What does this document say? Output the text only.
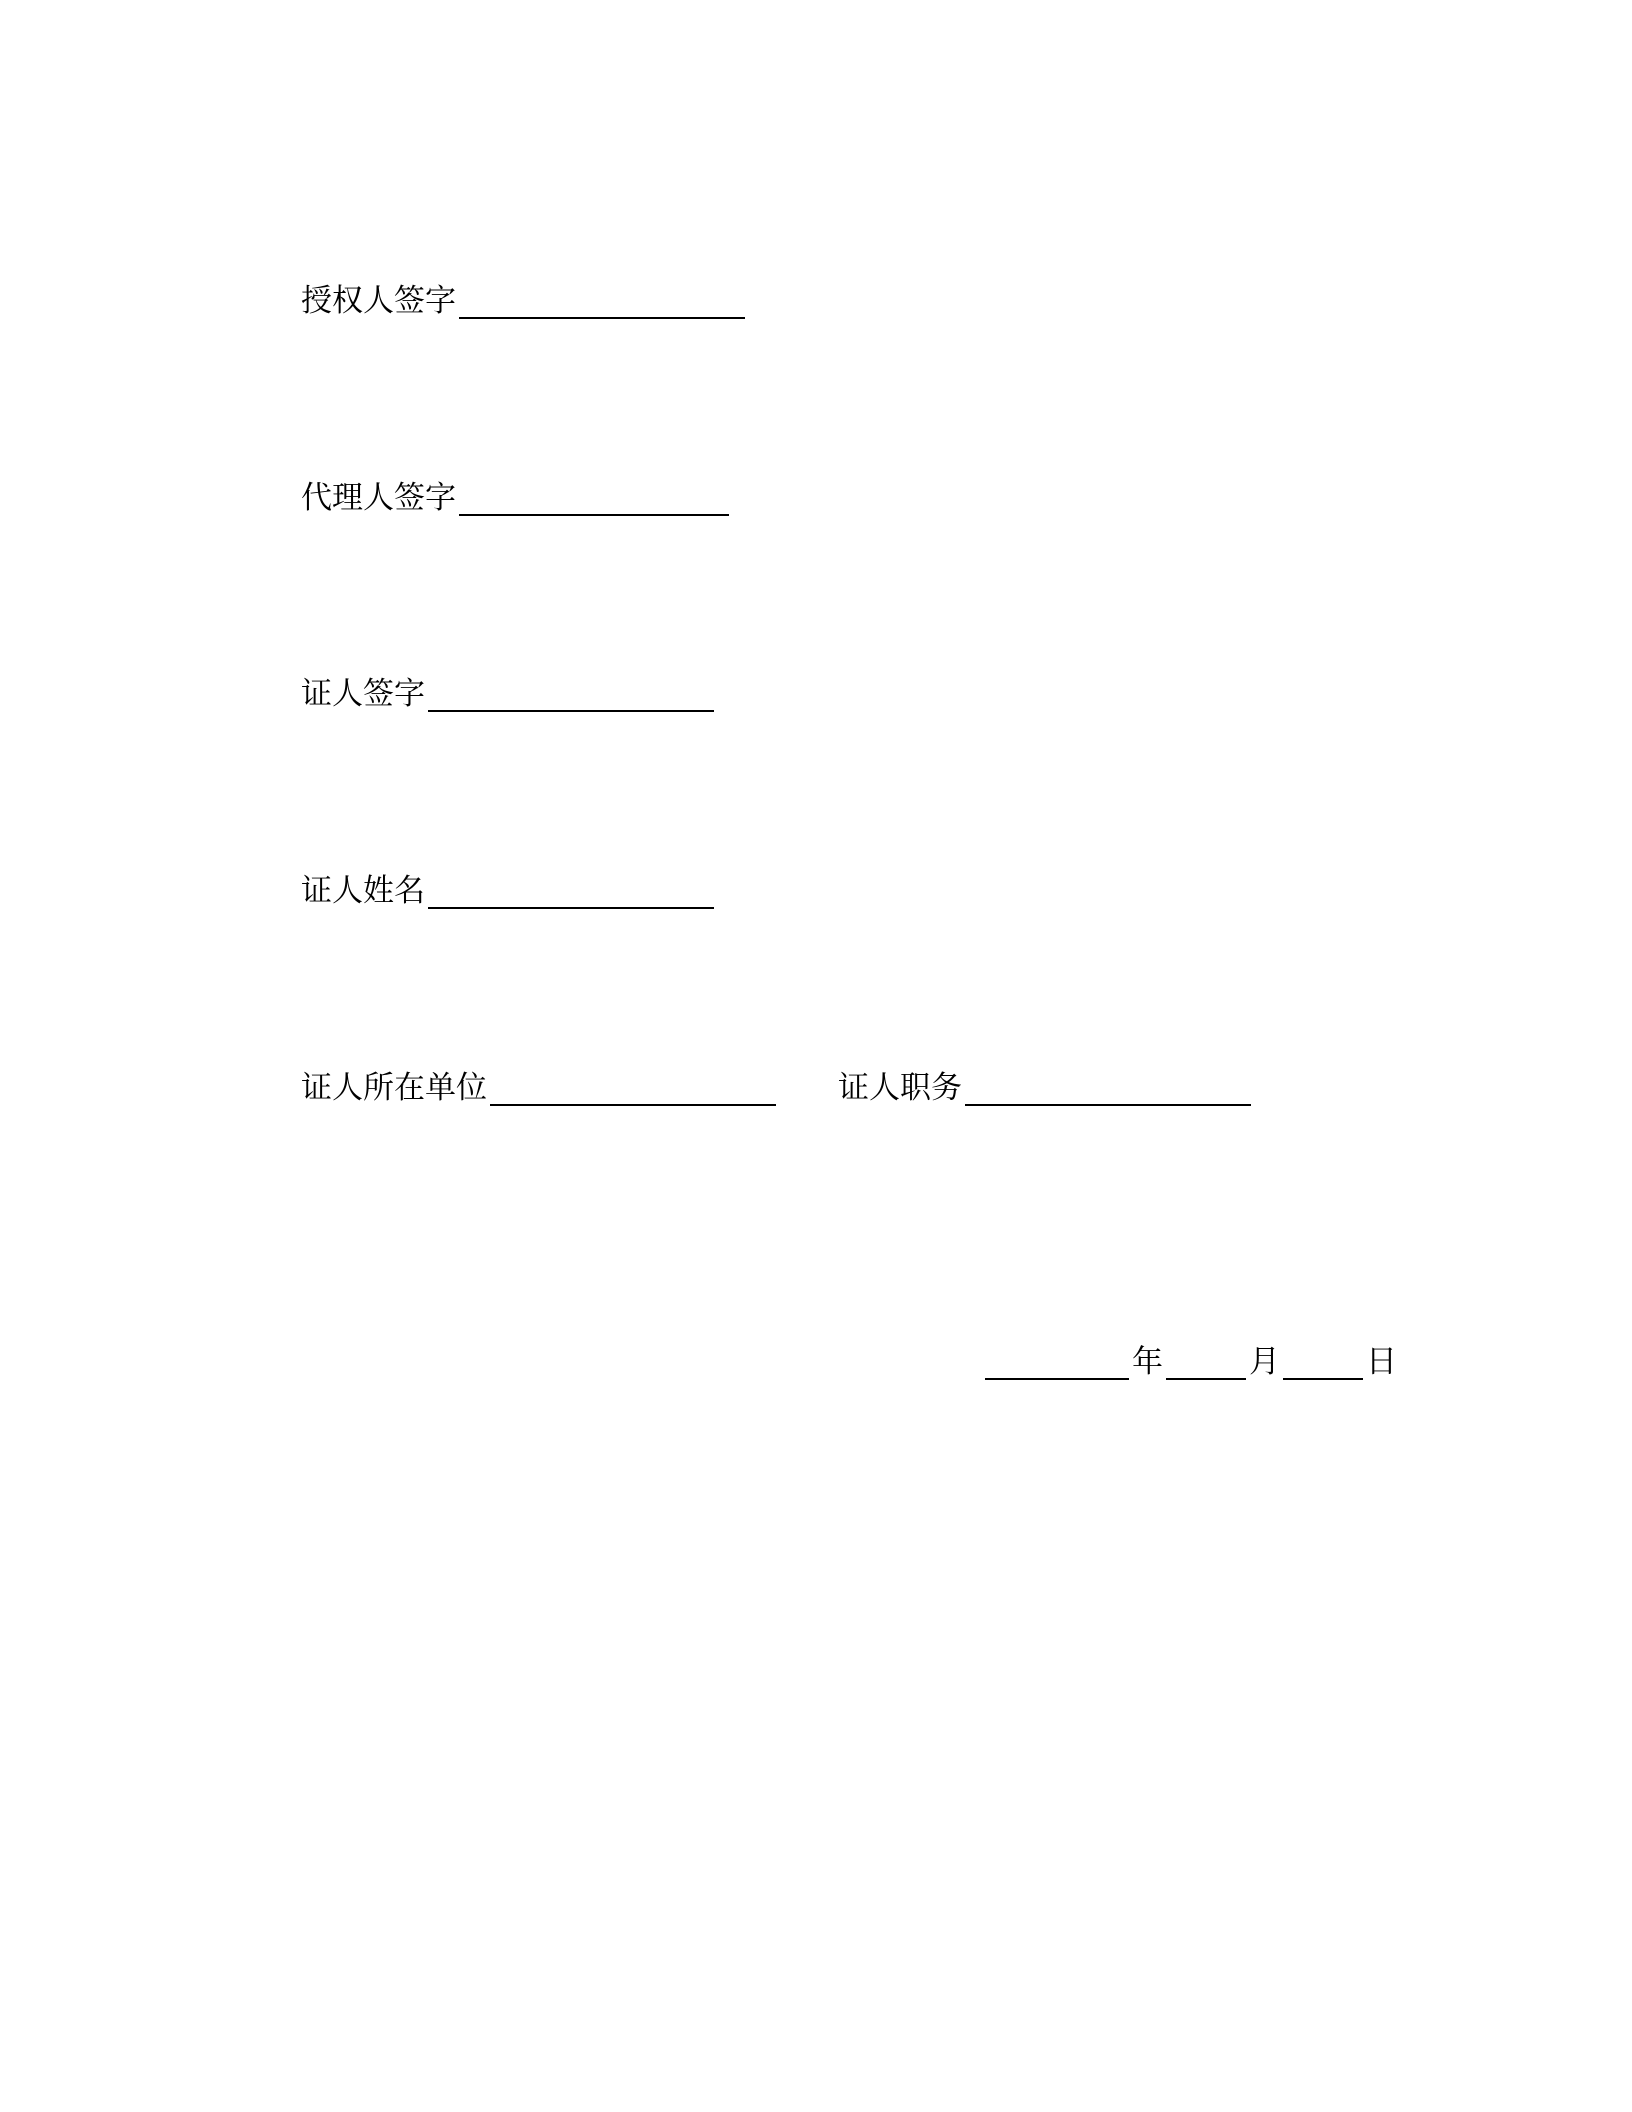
授权人签字
代理人签字
证人签字
证人姓名
证人所在单位	证人职务
年	月	日
